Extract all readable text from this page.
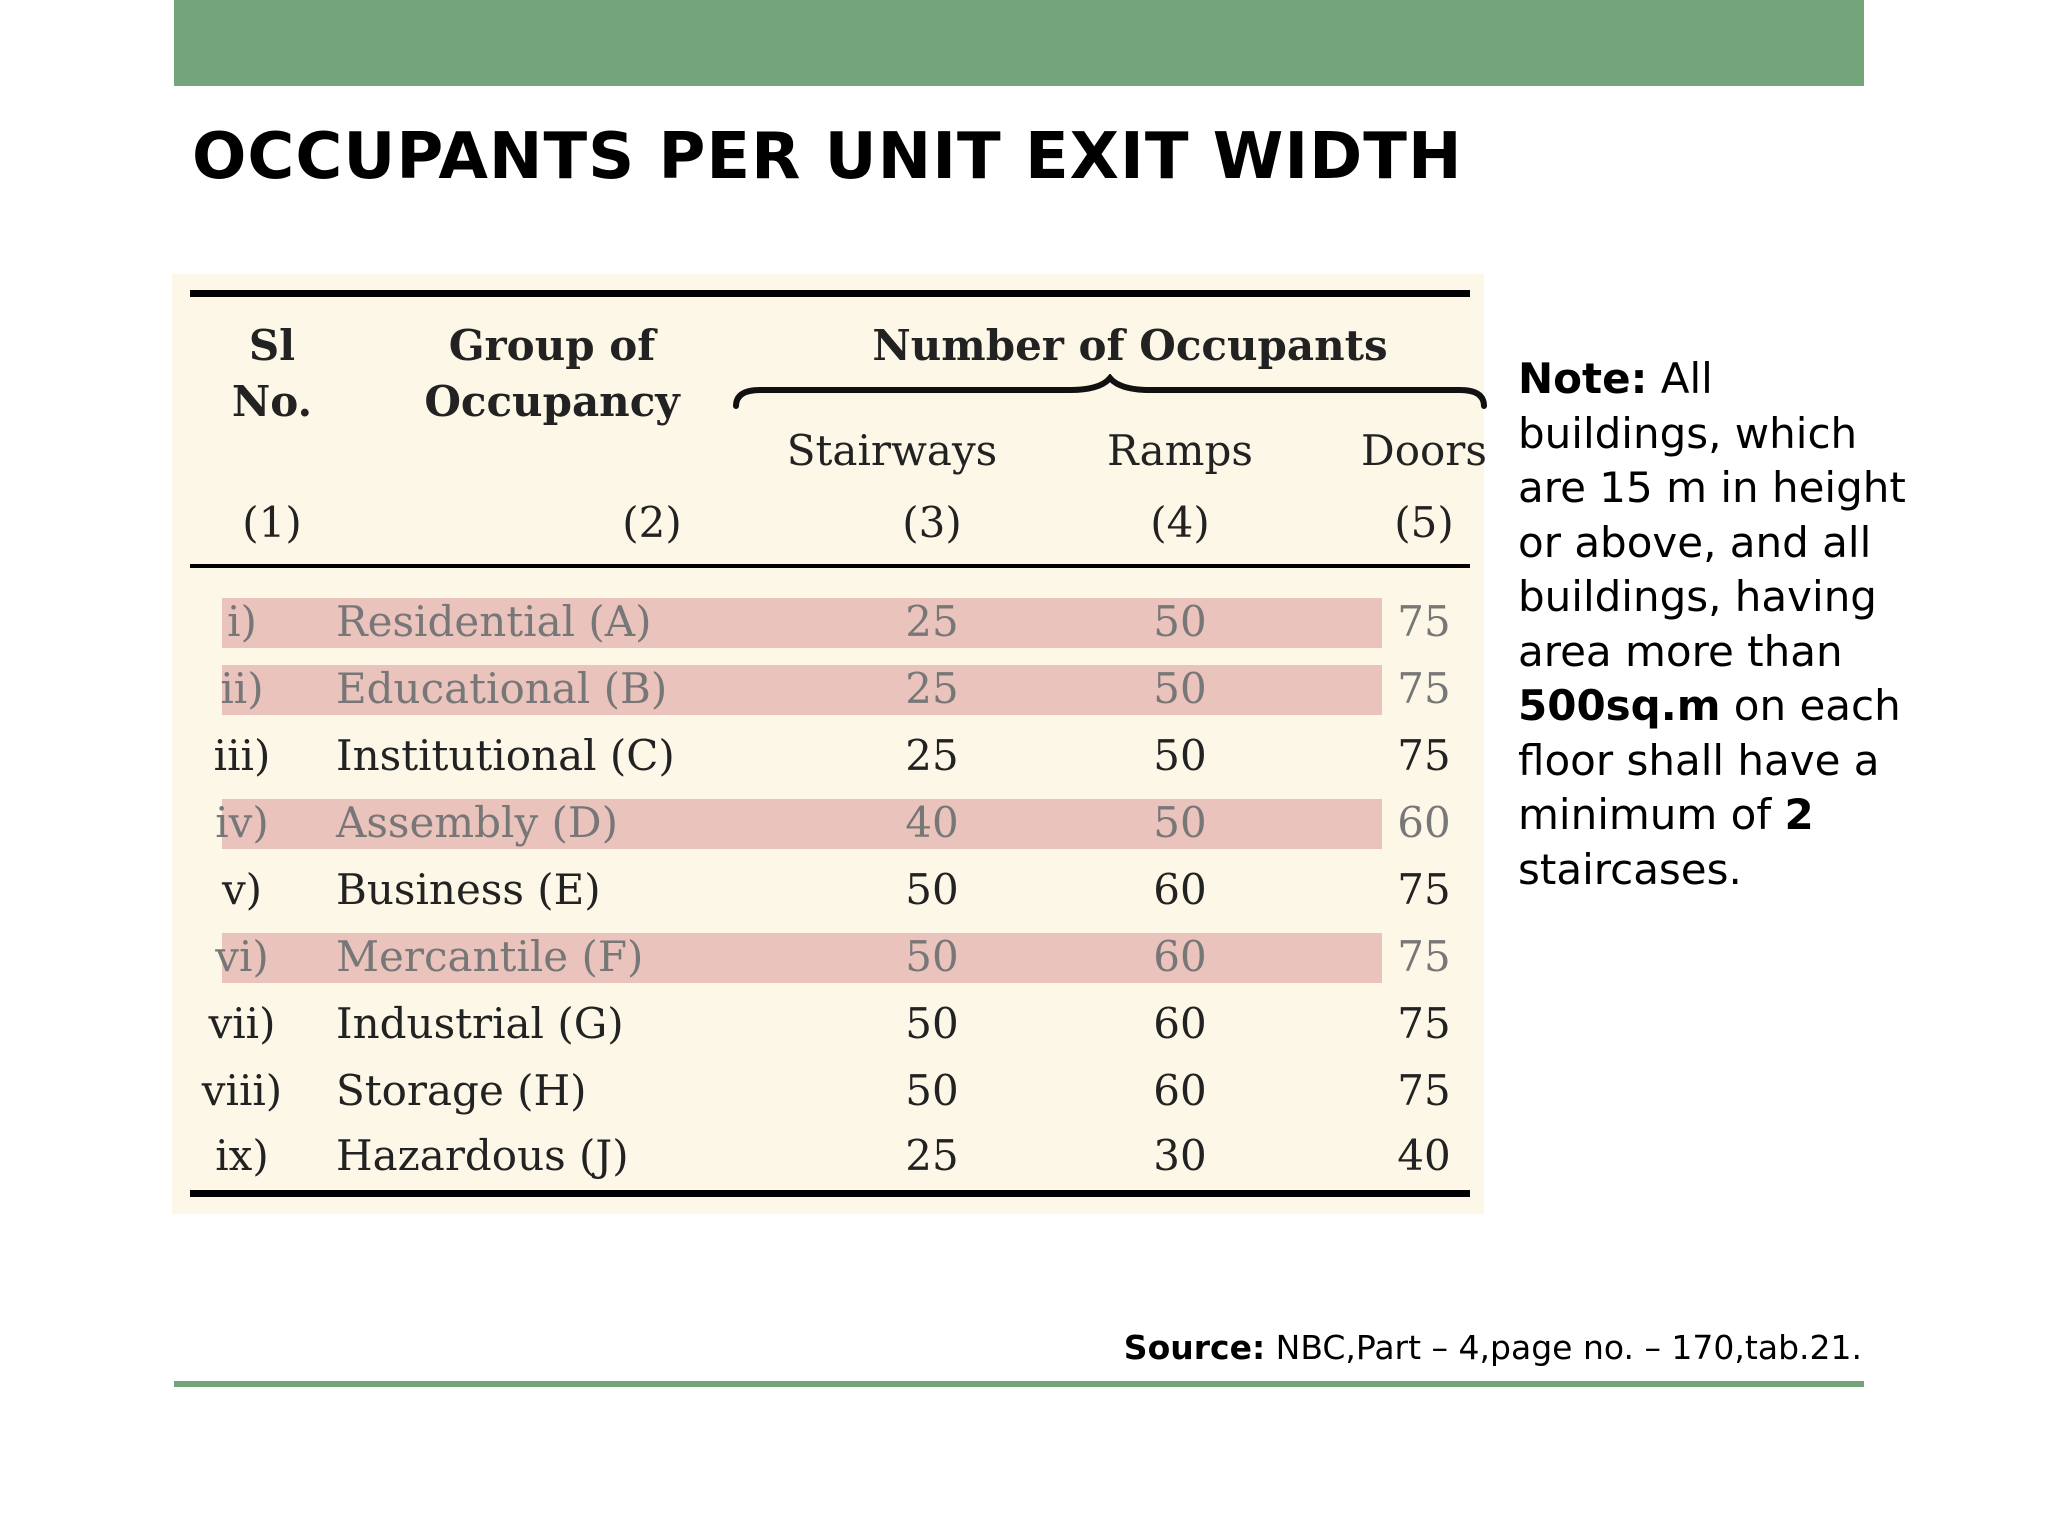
OCCUPANTS PER UNIT EXIT WIDTH
Sl
No.
Group of
Occupancy
Number of Occupants
Stairways	Ramps	Doors
(1)	(2)	(3)	(4)	(5)
i)	Residential (A)	25	50	75
ii)	Educational (B)	25	50	75
iii)	Institutional (C)	25	50	75
iv)	Assembly (D)	40	50	60
v)	Business (E)	50	60	75
vi)	Mercantile (F)	50	60	75
vii)	Industrial (G)	50	60	75
viii) Storage (H)	50	60	75
ix)	Hazardous (J)	25	30	40
Note: All buildings, which are 15 m in height or above, and all buildings, having area more than 500sq.m on each floor shall have a minimum of 2 staircases.
Source: NBC,Part – 4,page no. – 170,tab.21.
